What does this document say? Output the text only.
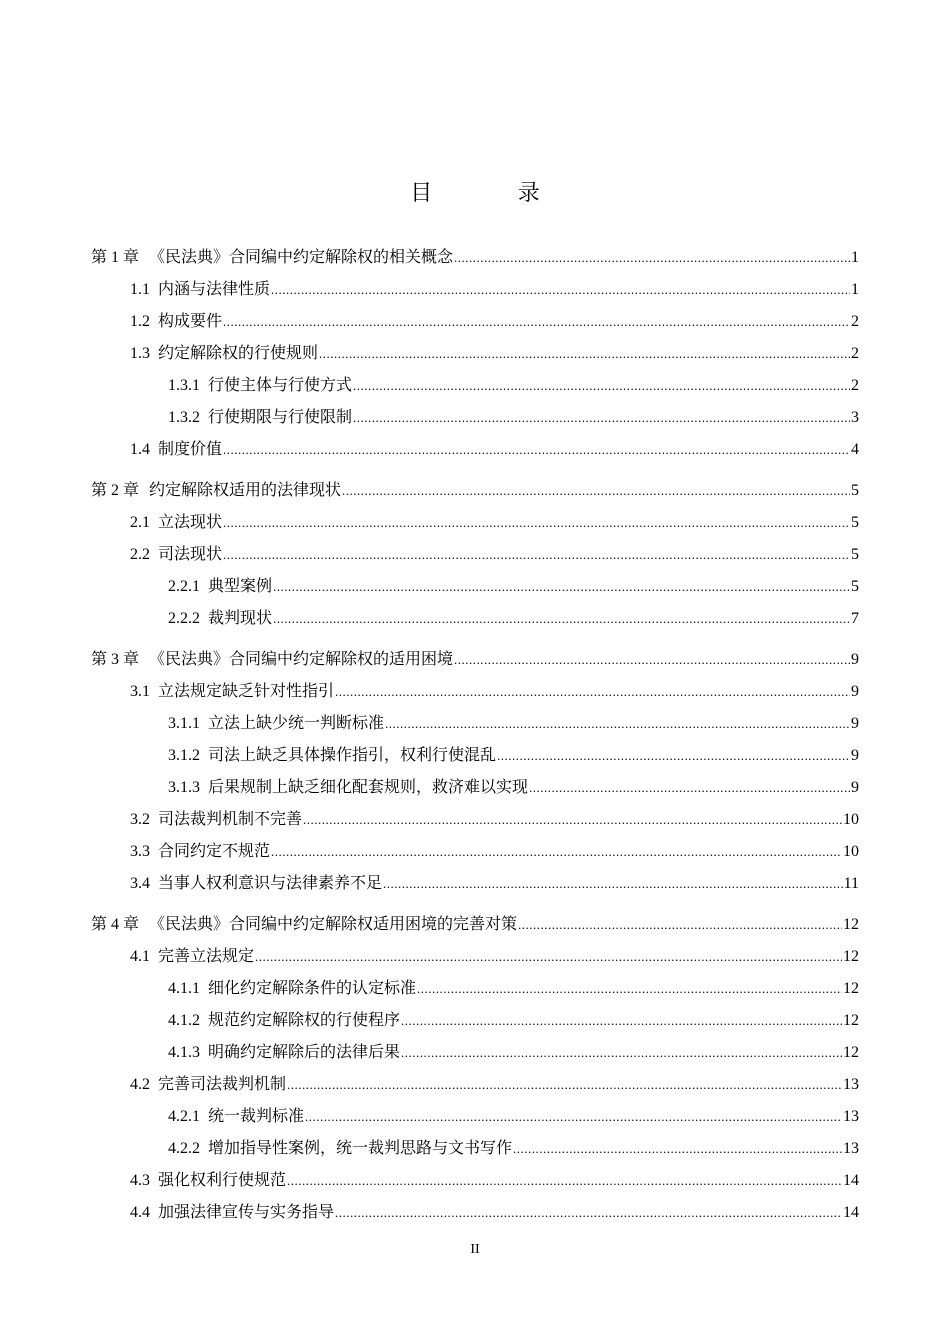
目 录
第 1 章 《民法典》合同编中约定解除权的相关概念 .....	1
1.1 内涵与法律性质 .....	1
1.2 构成要件 .....	2
1.3 约定解除权的行使规则 .....	2
1.3.1 行使主体与行使方式 .....	2
1.3.2 行使期限与行使限制 .....	3
1.4 制度价值 .....	4
第 2 章 约定解除权适用的法律现状 .....	5
2.1 立法现状 .....	5
2.2 司法现状 .....	5
2.2.1 典型案例 .....	5
2.2.2 裁判现状 .....	7
第 3 章 《民法典》合同编中约定解除权的适用困境 .....	9
3.1 立法规定缺乏针对性指引 .....	9
3.1.1 立法上缺少统一判断标准 .....	9
3.1.2 司法上缺乏具体操作指引，权利行使混乱 .....	9
3.1.3 后果规制上缺乏细化配套规则，救济难以实现 .....	9
3.2 司法裁判机制不完善 .....	10
3.3 合同约定不规范 .....	10
3.4 当事人权利意识与法律素养不足 .....	11
第 4 章 《民法典》合同编中约定解除权适用困境的完善对策 .....	12
4.1 完善立法规定 .....	12
4.1.1 细化约定解除条件的认定标准 .....	12
4.1.2 规范约定解除权的行使程序 .....	12
4.1.3 明确约定解除后的法律后果 .....	12
4.2 完善司法裁判机制 .....	13
4.2.1 统一裁判标准 .....	13
4.2.2 增加指导性案例，统一裁判思路与文书写作 .....	13
4.3 强化权利行使规范 .....	14
4.4 加强法律宣传与实务指导 .....	14
II
